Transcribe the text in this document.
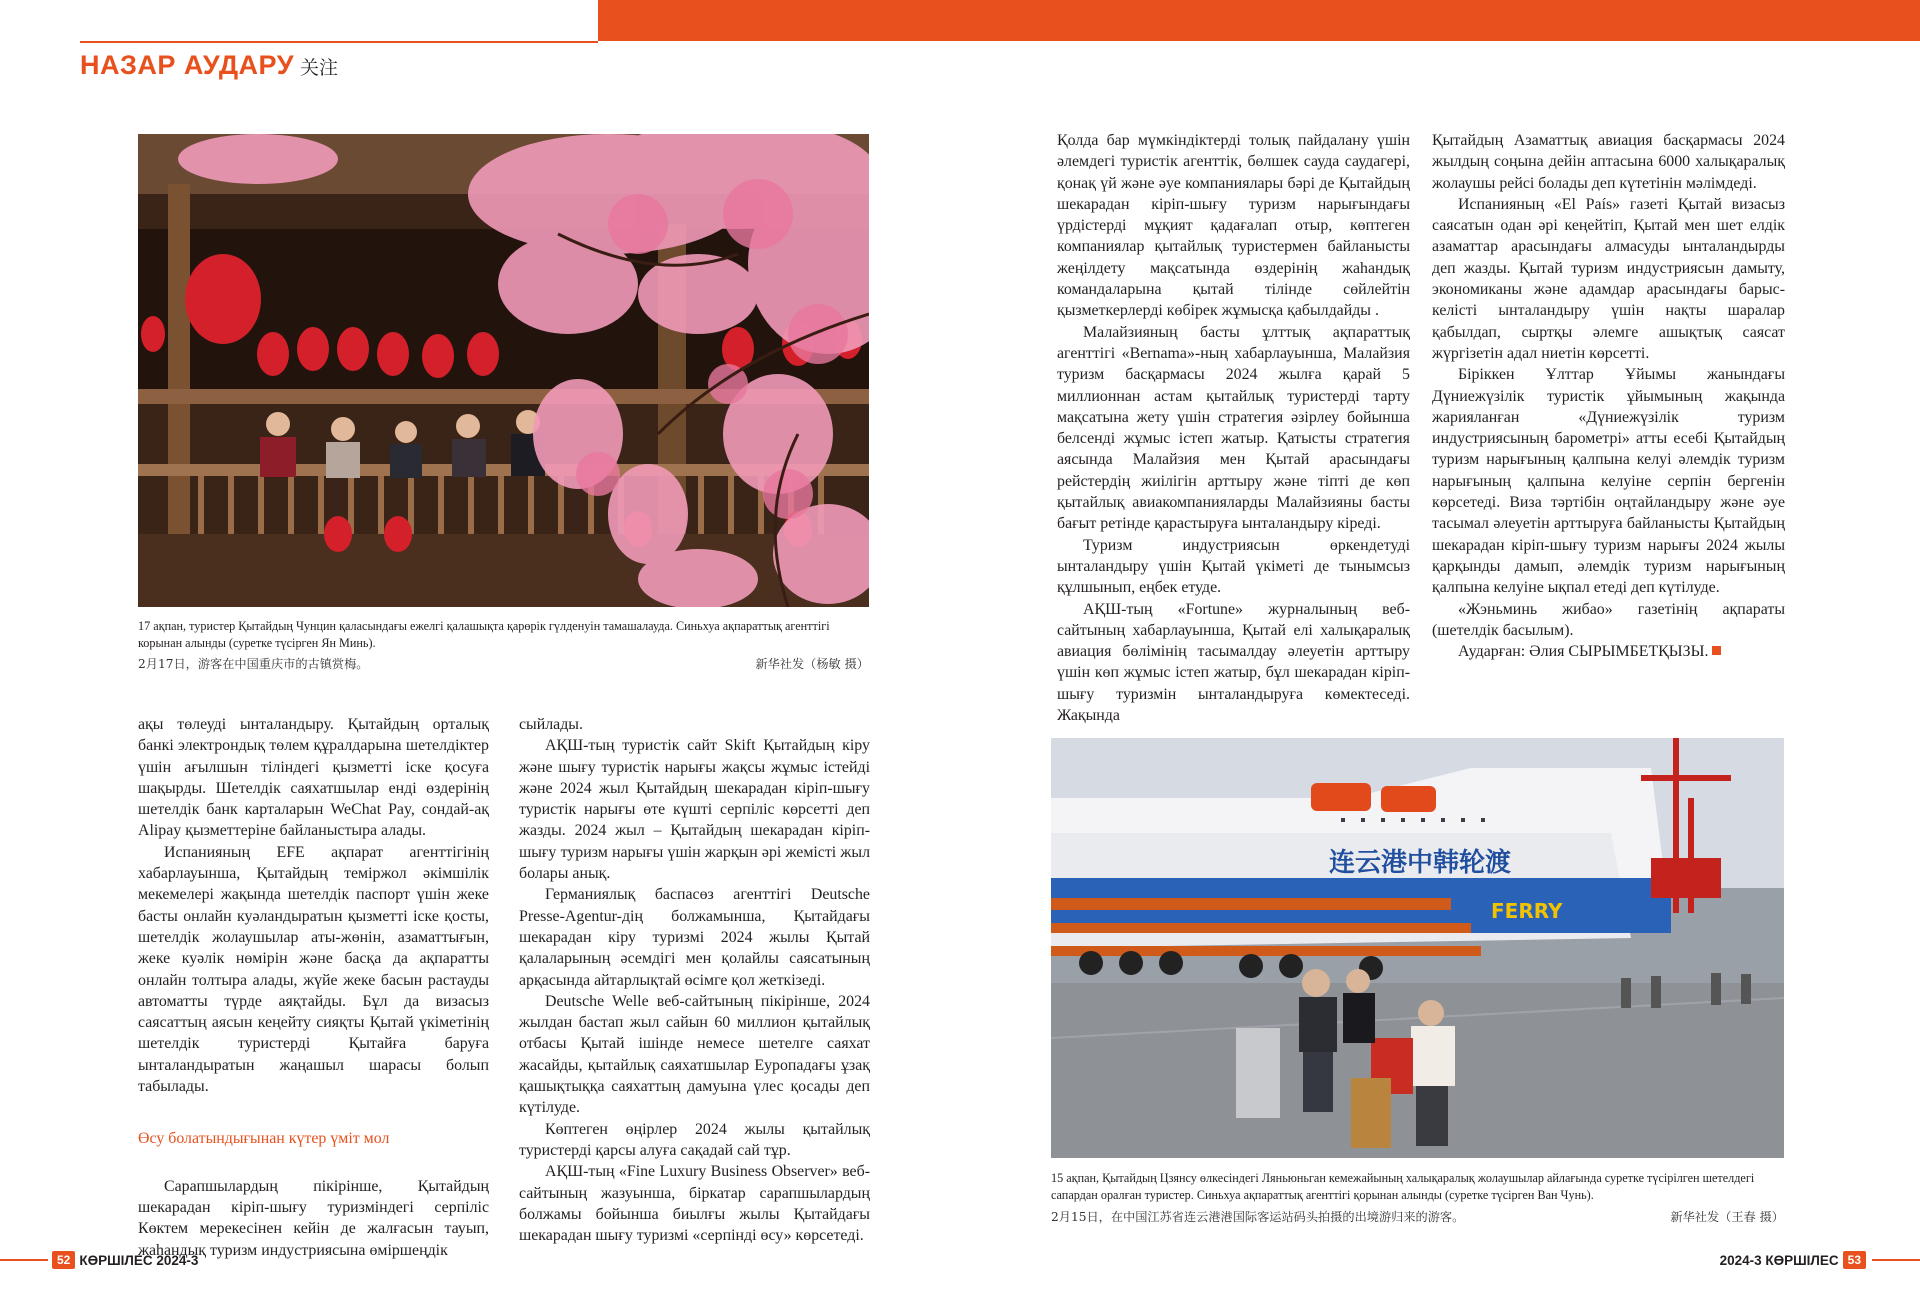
НАЗАР АУДАРУ 关注
17 ақпан, туристер Қытайдың Чунцин қаласындағы ежелгі қалашықта қарөрік гүлденуін тамашалауда. Синьхуа ақпараттық агенттігі корынан алынды (суретке түсірген Ян Минь).
2月17日，游客在中国重庆市的古镇赏梅。	新华社发（杨敏 摄）

ақы төлеуді ынталандыру. Қытайдың орталық банкі электрондық төлем құралдарына шетелдіктер үшін ағылшын тіліндегі қызметті іске қосуға шақырды. Шетелдік саяхатшылар енді өздерінің шетелдік банк карталарын WeChat Pay, сондай-ақ Alipay қызметтеріне байланыстыра алады.

Испанияның EFE ақпарат агенттігінің хабарлауынша, Қытайдың теміржол әкімшілік мекемелері жақында шетелдік паспорт үшін жеке басты онлайн куәландыратын қызметті іске қосты, шетелдік жолаушылар аты-жөнін, азаматтығын, жеке куәлік нөмірін және басқа да ақпаратты онлайн толтыра алады, жүйе жеке басын растауды автоматты түрде аяқтайды. Бұл да визасыз саясаттың аясын кеңейту сияқты Қытай үкіметінің шетелдік туристерді Қытайға баруға ынталандыратын жаңашыл шарасы болып табылады.

Өсу болатындығынан күтер үміт мол

Сарапшылардың пікірінше, Қытайдың шекарадан кіріп-шығу туризміндегі серпіліс Көктем мерекесінен кейін де жалғасын тауып, жаһандық туризм индустриясына өміршеңдік

сыйлады.

АҚШ-тың туристік сайт Skift Қытайдың кіру және шығу туристік нарығы жақсы жұмыс істейді және 2024 жыл Қытайдың шекарадан кіріп-шығу туристік нарығы өте күшті серпіліс көрсетті деп жазды. 2024 жыл – Қытайдың шекарадан кіріп-шығу туризм нарығы үшін жарқын әрі жемісті жыл болары анық.

Германиялық баспасөз агенттігі Deutsche Presse-Agentur-дің болжамынша, Қытайдағы шекарадан кіру туризмі 2024 жылы Қытай қалаларының әсемдігі мен қолайлы саясатының арқасында айтарлықтай өсімге қол жеткізеді.

Deutsche Welle веб-сайтының пікірінше, 2024 жылдан бастап жыл сайын 60 миллион қытайлық отбасы Қытай ішінде немесе шетелге саяхат жасайды, қытайлық саяхатшылар Еуропадағы ұзақ қашықтыққа саяхаттың дамуына үлес қосады деп күтілуде.

Көптеген өңірлер 2024 жылы қытайлық туристерді қарсы алуға сақадай сай тұр.

АҚШ-тың «Fine Luxury Business Observer» веб-сайтының жазуынша, біркатар сарапшылардың болжамы бойынша биылғы жылы Қытайдағы шекарадан шығу туризмі «серпінді өсу» көрсетеді.

Қолда бар мүмкіндіктерді толық пайдалану үшін әлемдегі туристік агенттік, бөлшек сауда саудагері, қонақ үй және әуе компаниялары бәрі де Қытайдың шекарадан кіріп-шығу туризм нарығындағы үрдістерді мұқият қадағалап отыр, көптеген компаниялар қытайлық туристермен байланысты жеңілдету мақсатында өздерінің жаһандық командаларына қытай тілінде сөйлейтін қызметкерлерді көбірек жұмысқа қабылдайды .

Малайзияның басты ұлттық ақпараттық агенттігі «Bernama»-ның хабарлауынша, Малайзия туризм басқармасы 2024 жылға қарай 5 миллионнан астам қытайлық туристерді тарту мақсатына жету үшін стратегия әзірлеу бойынша белсенді жұмыс істеп жатыр. Қатысты стратегия аясында Малайзия мен Қытай арасындағы рейстердің жиілігін арттыру және тіпті де көп қытайлық авиакомпанияларды Малайзияны басты бағыт ретінде қарастыруға ынталандыру кіреді.

Туризм индустриясын өркендетуді ынталандыру үшін Қытай үкіметі де тынымсыз құлшынып, еңбек етуде.

АҚШ-тың «Fortune» журналының веб-сайтының хабарлауынша, Қытай елі халықаралық авиация бөлімінің тасымалдау әлеуетін арттыру үшін көп жұмыс істеп жатыр, бұл шекарадан кіріп-шығу туризмін ынталандыруға көмектеседі. Жақында

Қытайдың Азаматтық авиация басқармасы 2024 жылдың соңына дейін аптасына 6000 халықаралық жолаушы рейсі болады деп күтетінін мәлімдеді.

Испанияның «El País» газеті Қытай визасыз саясатын одан әрі кеңейтіп, Қытай мен шет елдік азаматтар арасындағы алмасуды ынталандырды деп жазды. Қытай туризм индустриясын дамыту, экономиканы және адамдар арасындағы барыс-келісті ынталандыру үшін нақты шаралар қабылдап, сыртқы әлемге ашықтық саясат жүргізетін адал ниетін көрсетті.

Біріккен Ұлттар Ұйымы жанындағы Дүниежүзілік туристік ұйымының жақында жарияланған «Дүниежүзілік туризм индустриясының барометрі» атты есебі Қытайдың туризм нарығының қалпына келуі әлемдік туризм нарығының қалпына келуіне серпін бергенін көрсетеді. Виза тәртібін оңтайландыру және әуе тасымал әлеуетін арттыруға байланысты Қытайдың шекарадан кіріп-шығу туризм нарығы 2024 жылы қарқынды дамып, әлемдік туризм нарығының қалпына келуіне ықпал етеді деп күтілуде.

«Жэньминь жибао» газетінің ақпараты (шетелдік басылым).

Аударған: Әлия СЫРЫМБЕТҚЫЗЫ.

连云港中韩轮渡
FERRY
15 ақпан, Қытайдың Цзянсу өлкесіндегі Ляньюньган кемежайының халықаралық жолаушылар айлағында суретке түсірілген шетелдегі сапардан оралған туристер. Синьхуа ақпараттық агенттігі қорынан алынды (суретке түсірген Ван Чунь).
2月15日，在中国江苏省连云港港国际客运站码头拍摄的出境游归来的游客。	新华社发（王春 摄）
52 КӨРШІЛЕС 2024-3	2024-3 КӨРШІЛЕС 53
